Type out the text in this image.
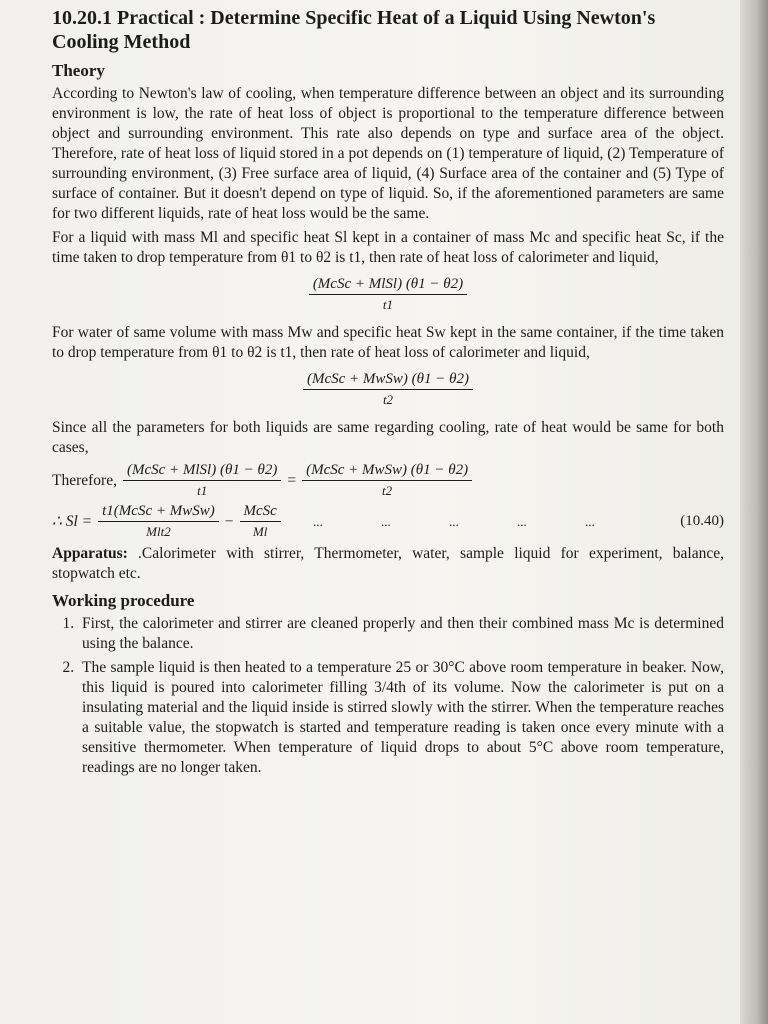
10.20.1 Practical : Determine Specific Heat of a Liquid Using Newton's Cooling Method
Theory

According to Newton's law of cooling, when temperature difference between an object and its surrounding environment is low, the rate of heat loss of object is proportional to the temperature difference between object and surrounding environment. This rate also depends on type and surface area of the object. Therefore, rate of heat loss of liquid stored in a pot depends on (1) temperature of liquid, (2) Temperature of surrounding environment, (3) Free surface area of liquid, (4) Surface area of the container and (5) Type of surface of container. But it doesn't depend on type of liquid. So, if the aforementioned parameters are same for two different liquids, rate of heat loss would be the same.

For a liquid with mass Ml and specific heat Sl kept in a container of mass Mc and specific heat Sc, if the time taken to drop temperature from θ1 to θ2 is t1, then rate of heat loss of calorimeter and liquid,

$\frac{\text{(McSc + MlSl) (θ1 − θ2)}}{t1}$

For water of same volume with mass Mw and specific heat Sw kept in the same container, if the time taken to drop temperature from θ1 to θ2 is t1, then rate of heat loss of calorimeter and liquid,

$\frac{\text{(McSc + MwSw) (θ1 − θ2)}}{t2}$

Since all the parameters for both liquids are same regarding cooling, rate of heat would be same for both cases,

Therefore, $\frac{\text{(McSc + MlSl) (θ1 − θ2)}}{t1} = \frac{\text{(McSc + MwSw) (θ1 − θ2)}}{t2}$
∴ $Sl = \frac{\text{t1(McSc + MwSw)}}{\text{Mlt2}} - \frac{\text{McSc}}{Ml}$	...	...	...	...	...	(10.40)

Apparatus: .Calorimeter with stirrer, Thermometer, water, sample liquid for experiment, balance, stopwatch etc.

Working procedure
1. First, the calorimeter and stirrer are cleaned properly and then their combined mass Mc is determined using the balance.
2. The sample liquid is then heated to a temperature 25 or 30°C above room temperature in beaker. Now, this liquid is poured into calorimeter filling 3/4th of its volume. Now the calorimeter is put on a insulating material and the liquid inside is stirred slowly with the stirrer. When the temperature reaches a suitable value, the stopwatch is started and temperature reading is taken once every minute with a sensitive thermometer. When temperature of liquid drops to about 5°C above room temperature, readings are no longer taken.
